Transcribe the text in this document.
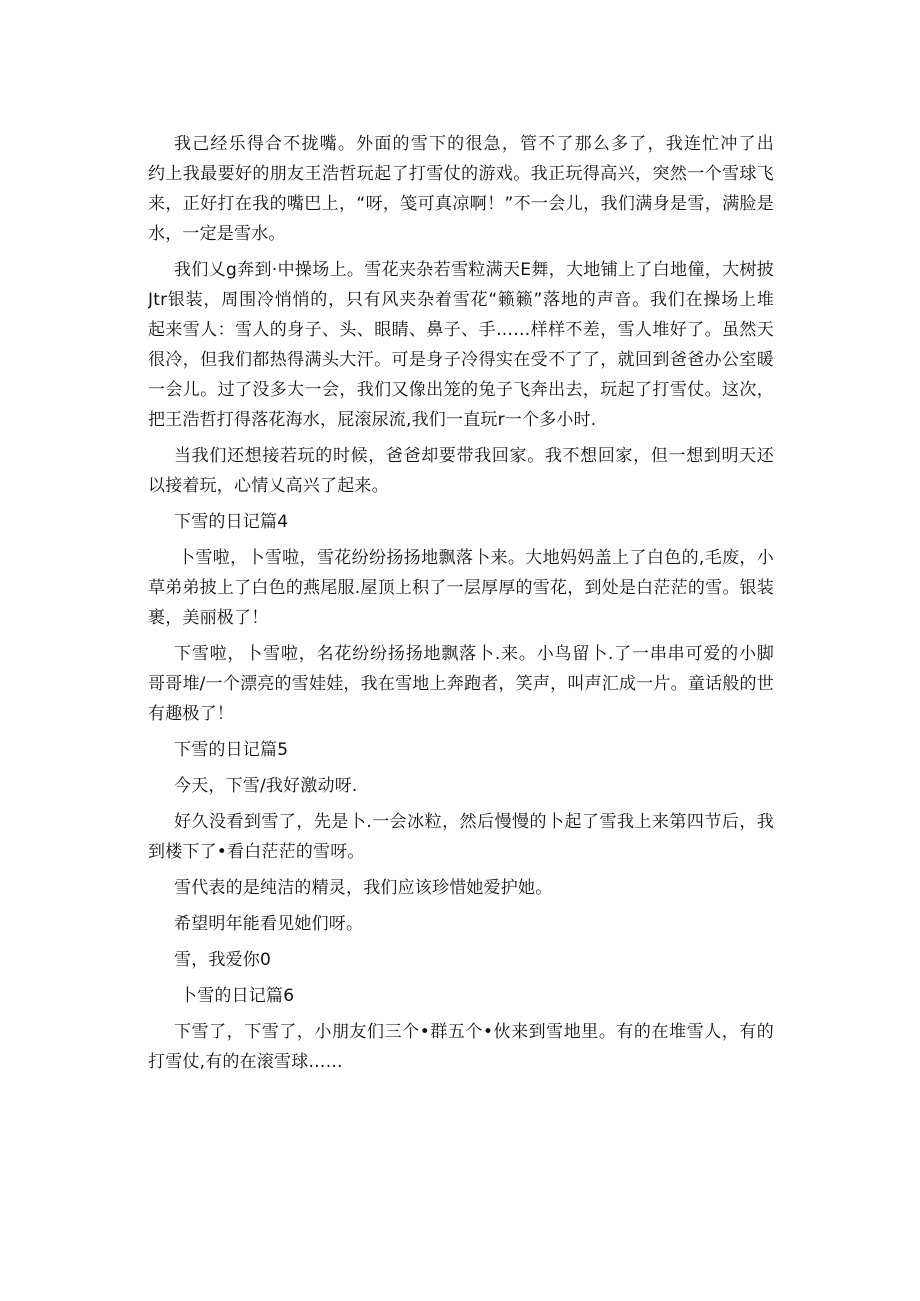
我己经乐得合不拢嘴。外面的雪下的很急，管不了那么多了，我连忙冲了出
约上我最要好的朋友王浩哲玩起了打雪仗的游戏。我正玩得高兴，突然一个雪球飞
来，正好打在我的嘴巴上，“呀，笺可真凉啊！”不一会儿，我们满身是雪，满脸是
水，一定是雪水。
我们乂g奔到·中操场上。雪花夹杂若雪粒满天E舞，大地铺上了白地僮，大树披
Jtr银装，周围冷悄悄的，只有风夹杂着雪花“籁籁”落地的声音。我们在操场上堆
起来雪人：雪人的身子、头、眼睛、鼻子、手……样样不差，雪人堆好了。虽然天
很冷，但我们都热得满头大汗。可是身子冷得实在受不了了，就回到爸爸办公室暖
一会儿。过了没多大一会，我们又像出笼的兔子飞奔出去，玩起了打雪仗。这次，
把王浩哲打得落花海水，屁滚尿流,我们一直玩r一个多小时.
当我们还想接若玩的时候，爸爸却要带我回家。我不想回家，但一想到明天还
以接着玩，心情乂高兴了起来。
下雪的日记篇4
卜雪啦，卜雪啦，雪花纷纷扬扬地飘落卜来。大地妈妈盖上了白色的,毛废，小
草弟弟披上了白色的燕尾服.屋顶上积了一层厚厚的雪花，到处是白茫茫的雪。银装
裹，美丽极了！
下雪啦，卜雪啦，名花纷纷扬扬地飘落卜.来。小鸟留卜.了一串串可爱的小脚
哥哥堆/一个漂亮的雪娃娃，我在雪地上奔跑者，笑声，叫声汇成一片。童话般的世
有趣极了！
下雪的日记篇5
今天，下雪/我好激动呀.
好久没看到雪了，先是卜.一会冰粒，然后慢慢的卜起了雪我上来第四节后，我
到楼下了•看白茫茫的雪呀。
雪代表的是纯洁的精灵，我们应该珍惜她爱护她。
希望明年能看见她们呀。
雪，我爱你0
卜雪的日记篇6
下雪了，下雪了，小朋友们三个•群五个•伙来到雪地里。有的在堆雪人，有的
打雪仗,有的在滚雪球……
